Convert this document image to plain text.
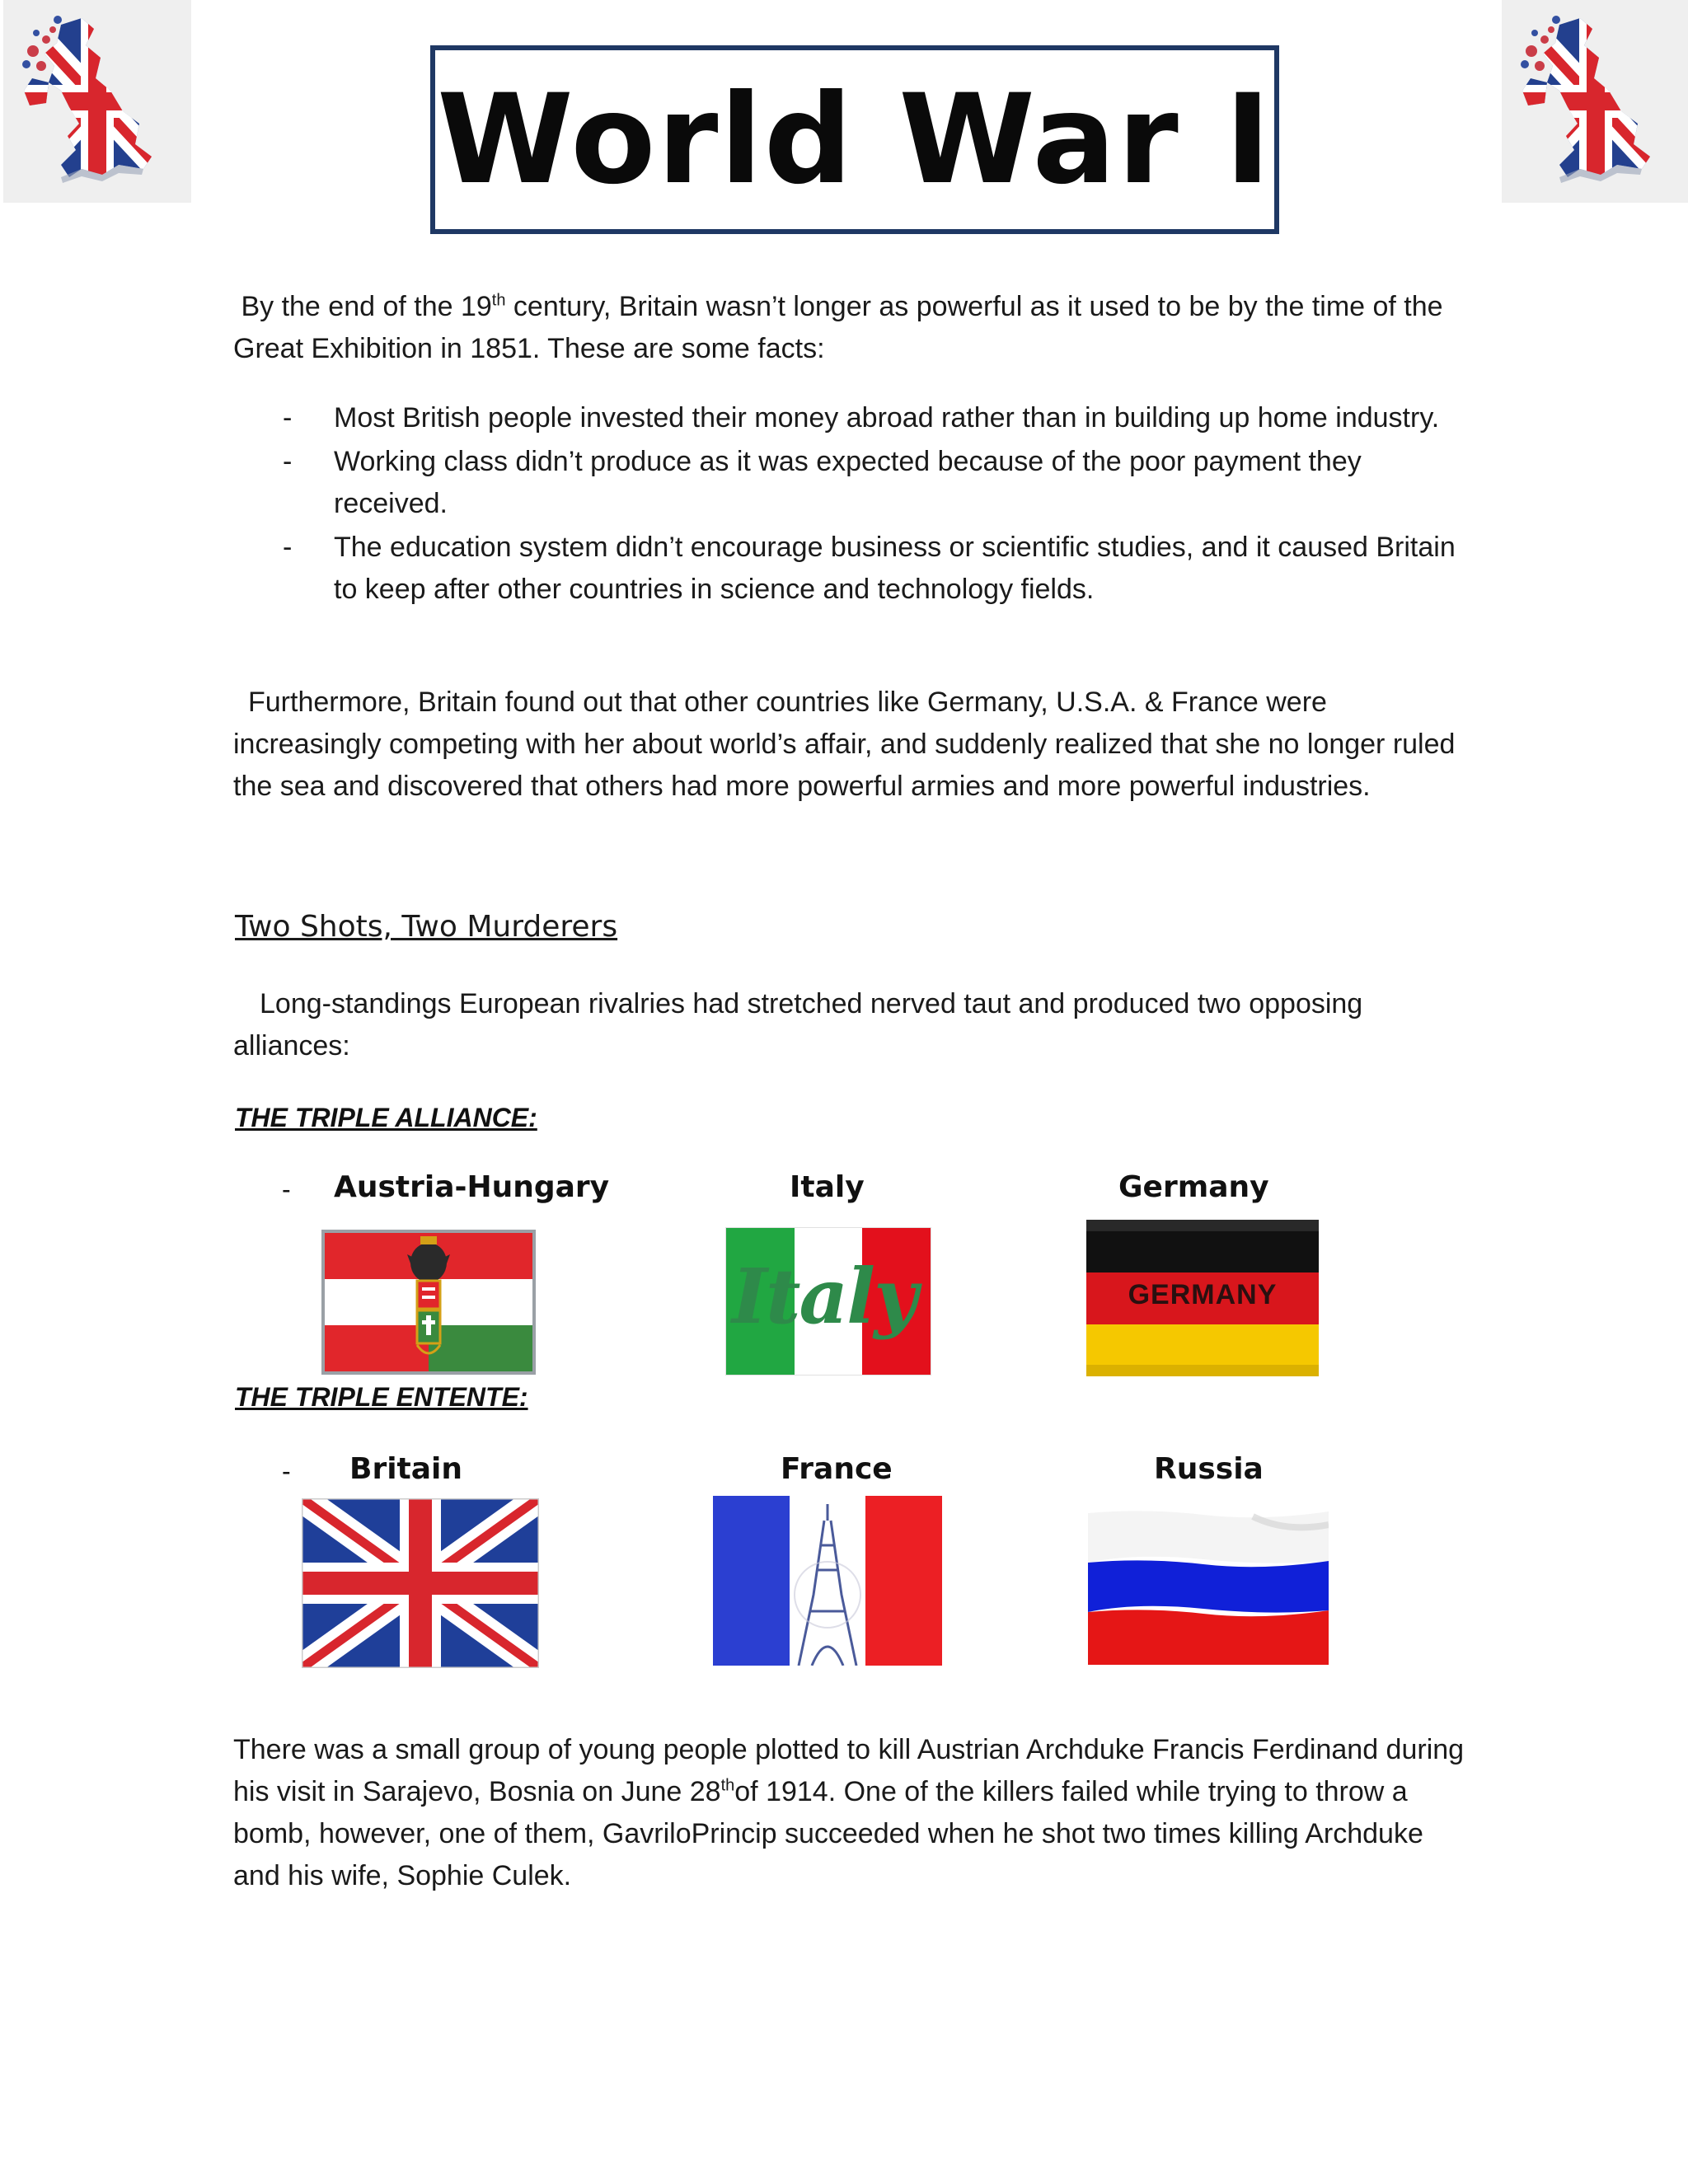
World War I
By the end of the 19th century, Britain wasn’t longer as powerful as it used to be by the time of the Great Exhibition in 1851. These are some facts:
- Most British people invested their money abroad rather than in building up home industry.
- Working class didn’t produce as it was expected because of the poor payment they received.
- The education system didn’t encourage business or scientific studies, and it caused Britain to keep after other countries in science and technology fields.
Furthermore, Britain found out that other countries like Germany, U.S.A. & France were increasingly competing with her about world’s affair, and suddenly realized that she no longer ruled the sea and discovered that others had more powerful armies and more powerful industries.
Two Shots, Two Murderers
Long-standings European rivalries had stretched nerved taut and produced two opposing alliances:
THE TRIPLE ALLIANCE:
- Austria-Hungary	Italy	Germany
Italy	GERMANY
THE TRIPLE ENTENTE:
- Britain	France	Russia
There was a small group of young people plotted to kill Austrian Archduke Francis Ferdinand during his visit in Sarajevo, Bosnia on June 28thof 1914. One of the killers failed while trying to throw a bomb, however, one of them, GavriloPrincip succeeded when he shot two times killing Archduke and his wife, Sophie Culek.
